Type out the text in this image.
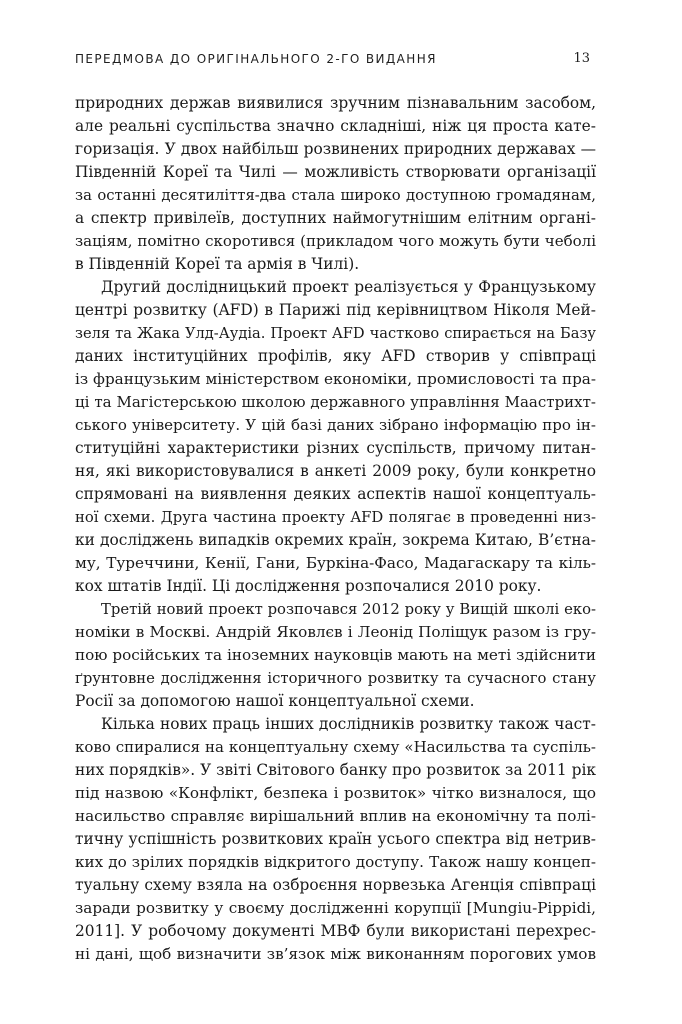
ПЕРЕДМОВА ДО ОРИГІНАЛЬНОГО 2-ГО ВИДАННЯ	13
природних держав виявилися зручним пізнавальним засобом,
але реальні суспільства значно складніші, ніж ця проста кате-
горизація. У двох найбільш розвинених природних державах —
Південній Кореї та Чилі — можливість створювати організації
за останні десятиліття-два стала широко доступною громадянам,
а спектр привілеїв, доступних наймогутнішим елітним органі-
заціям, помітно скоротився (прикладом чого можуть бути чеболі
в Південній Кореї та армія в Чилі).
Другий дослідницький проект реалізується у Французькому
центрі розвитку (AFD) в Парижі під керівництвом Ніколя Мей-
зеля та Жака Улд-Аудіа. Проект AFD частково спирається на Базу
даних інституційних профілів, яку AFD створив у співпраці
із французьким міністерством економіки, промисловості та пра-
ці та Магістерською школою державного управління Маастрихт-
ського університету. У цій базі даних зібрано інформацію про ін-
ституційні характеристики різних суспільств, причому питан-
ня, які використовувалися в анкеті 2009 року, були конкретно
спрямовані на виявлення деяких аспектів нашої концептуаль-
ної схеми. Друга частина проекту AFD полягає в проведенні низ-
ки досліджень випадків окремих країн, зокрема Китаю, В’єтна-
му, Туреччини, Кенії, Гани, Буркіна-Фасо, Мадагаскару та кіль-
кох штатів Індії. Ці дослідження розпочалися 2010 року.
Третій новий проект розпочався 2012 року у Вищій школі еко-
номіки в Москві. Андрій Яковлєв і Леонід Поліщук разом із гру-
пою російських та іноземних науковців мають на меті здійснити
ґрунтовне дослідження історичного розвитку та сучасного стану
Росії за допомогою нашої концептуальної схеми.
Кілька нових праць інших дослідників розвитку також част-
ково спиралися на концептуальну схему «Насильства та суспіль-
них порядків». У звіті Світового банку про розвиток за 2011 рік
під назвою «Конфлікт, безпека і розвиток» чітко визналося, що
насильство справляє вирішальний вплив на економічну та полі-
тичну успішність розвиткових країн усього спектра від нетрив-
ких до зрілих порядків відкритого доступу. Також нашу концеп-
туальну схему взяла на озброєння норвезька Агенція співпраці
заради розвитку у своєму дослідженні корупції [Mungiu-Pippidi,
2011]. У робочому документі МВФ були використані перехрес-
ні дані, щоб визначити зв’язок між виконанням порогових умов
